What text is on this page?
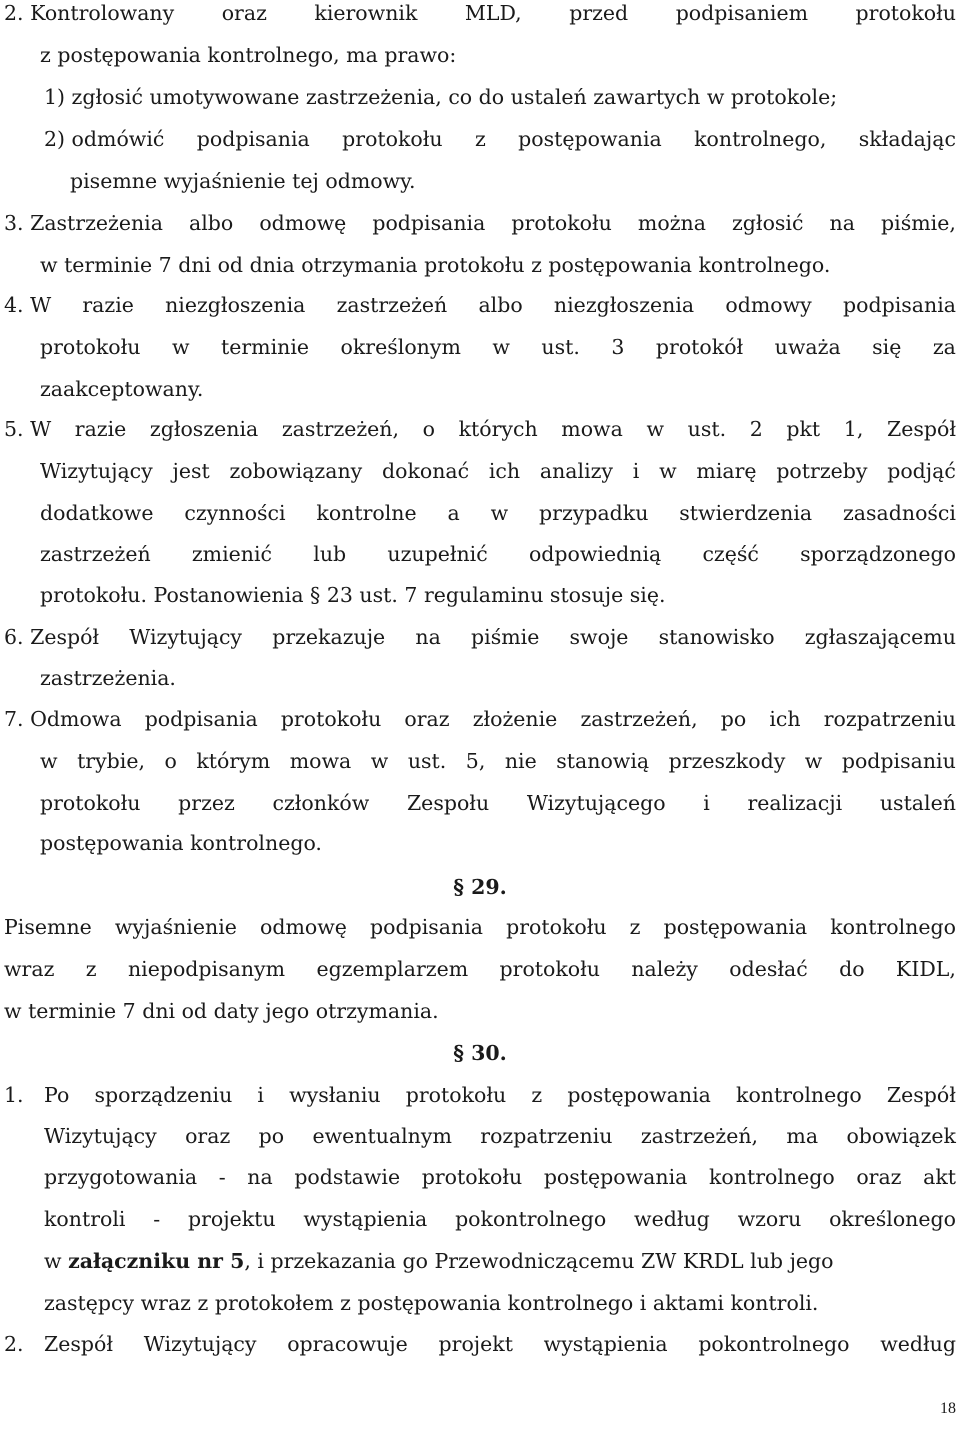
2. Kontrolowany oraz kierownik MLD, przed podpisaniem protokołu
z postępowania kontrolnego, ma prawo:
1) zgłosić umotywowane zastrzeżenia, co do ustaleń zawartych w protokole;
2) odmówić podpisania protokołu z postępowania kontrolnego, składając
pisemne wyjaśnienie tej odmowy.
3. Zastrzeżenia albo odmowę podpisania protokołu można zgłosić na piśmie,
w terminie 7 dni od dnia otrzymania protokołu z postępowania kontrolnego.
4. W razie niezgłoszenia zastrzeżeń albo niezgłoszenia odmowy podpisania
protokołu w terminie określonym w ust. 3 protokół uważa się za
zaakceptowany.
5. W razie zgłoszenia zastrzeżeń, o których mowa w ust. 2 pkt 1, Zespół
Wizytujący jest zobowiązany dokonać ich analizy i w miarę potrzeby podjąć
dodatkowe czynności kontrolne a w przypadku stwierdzenia zasadności
zastrzeżeń zmienić lub uzupełnić odpowiednią część sporządzonego
protokołu. Postanowienia § 23 ust. 7 regulaminu stosuje się.
6. Zespół Wizytujący przekazuje na piśmie swoje stanowisko zgłaszającemu
zastrzeżenia.
7. Odmowa podpisania protokołu oraz złożenie zastrzeżeń, po ich rozpatrzeniu
w trybie, o którym mowa w ust. 5, nie stanowią przeszkody w podpisaniu
protokołu przez członków Zespołu Wizytującego i realizacji ustaleń
postępowania kontrolnego.
§ 29.
Pisemne wyjaśnienie odmowę podpisania protokołu z postępowania kontrolnego
wraz z niepodpisanym egzemplarzem protokołu należy odesłać do KIDL,
w terminie 7 dni od daty jego otrzymania.
§ 30.
1. Po sporządzeniu i wysłaniu protokołu z postępowania kontrolnego Zespół
Wizytujący oraz po ewentualnym rozpatrzeniu zastrzeżeń, ma obowiązek
przygotowania - na podstawie protokołu postępowania kontrolnego oraz akt
kontroli - projektu wystąpienia pokontrolnego według wzoru określonego
w załączniku nr 5, i przekazania go Przewodniczącemu ZW KRDL lub jego
zastępcy wraz z protokołem z postępowania kontrolnego i aktami kontroli.
2. Zespół Wizytujący opracowuje projekt wystąpienia pokontrolnego według
18
